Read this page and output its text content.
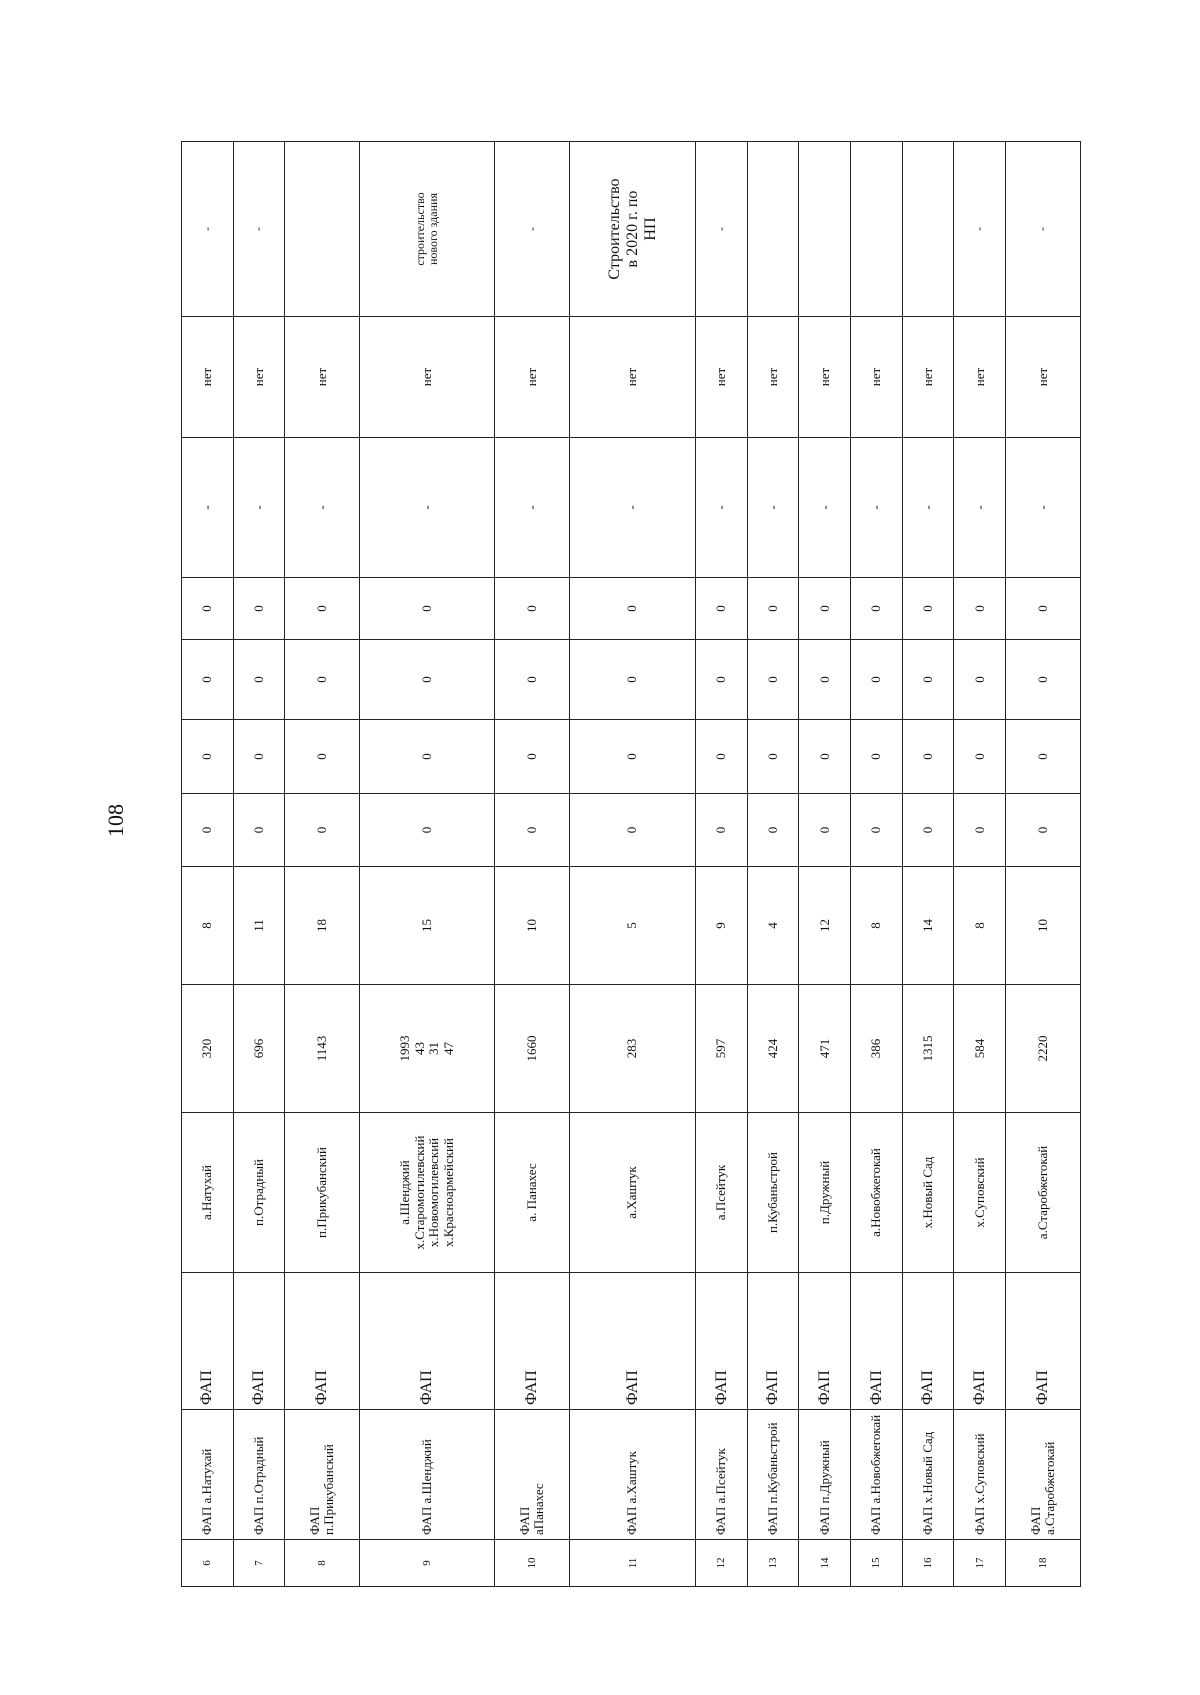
108
6	ФАП а.Натухай	ФАП	а.Натухай	320	8	0	0	0	0	-	нет	-
7	ФАП п.Отрадный	ФАП	п.Отрадный	696	11	0	0	0	0	-	нет	-
8	ФАП
п.Прикубанский	ФАП	п.Прикубанский	1143	18	0	0	0	0	-	нет	
9	ФАП а.Шенджий	ФАП	а.Шенджий
х.Старомогилевский
х.Новомогилевский
х.Красноармейский	1993
43
31
47	15	0	0	0	0	-	нет	строительство
нового здания
10	ФАП
аПанахес	ФАП	а. Панахес	1660	10	0	0	0	0	-	нет	-
11	ФАП а.Хаштук	ФАП	а.Хаштук	283	5	0	0	0	0	-	нет	Строительство
в 2020 г. по
НП
12	ФАП а.Псейтук	ФАП	а.Псейтук	597	9	0	0	0	0	-	нет	-
13	ФАП п.Кубаньстрой	ФАП	п.Кубаньстрой	424	4	0	0	0	0	-	нет	
14	ФАП п.Дружный	ФАП	п.Дружный	471	12	0	0	0	0	-	нет	
15	ФАП а.Новобжегокай	ФАП	а.Новобжегокай	386	8	0	0	0	0	-	нет	
16	ФАП х.Новый Сад	ФАП	х.Новый Сад	1315	14	0	0	0	0	-	нет	
17	ФАП х.Суповский	ФАП	х.Суповский	584	8	0	0	0	0	-	нет	-
18	ФАП
а.Старобжегокай	ФАП	а.Старобжегокай	2220	10	0	0	0	0	-	нет	-
